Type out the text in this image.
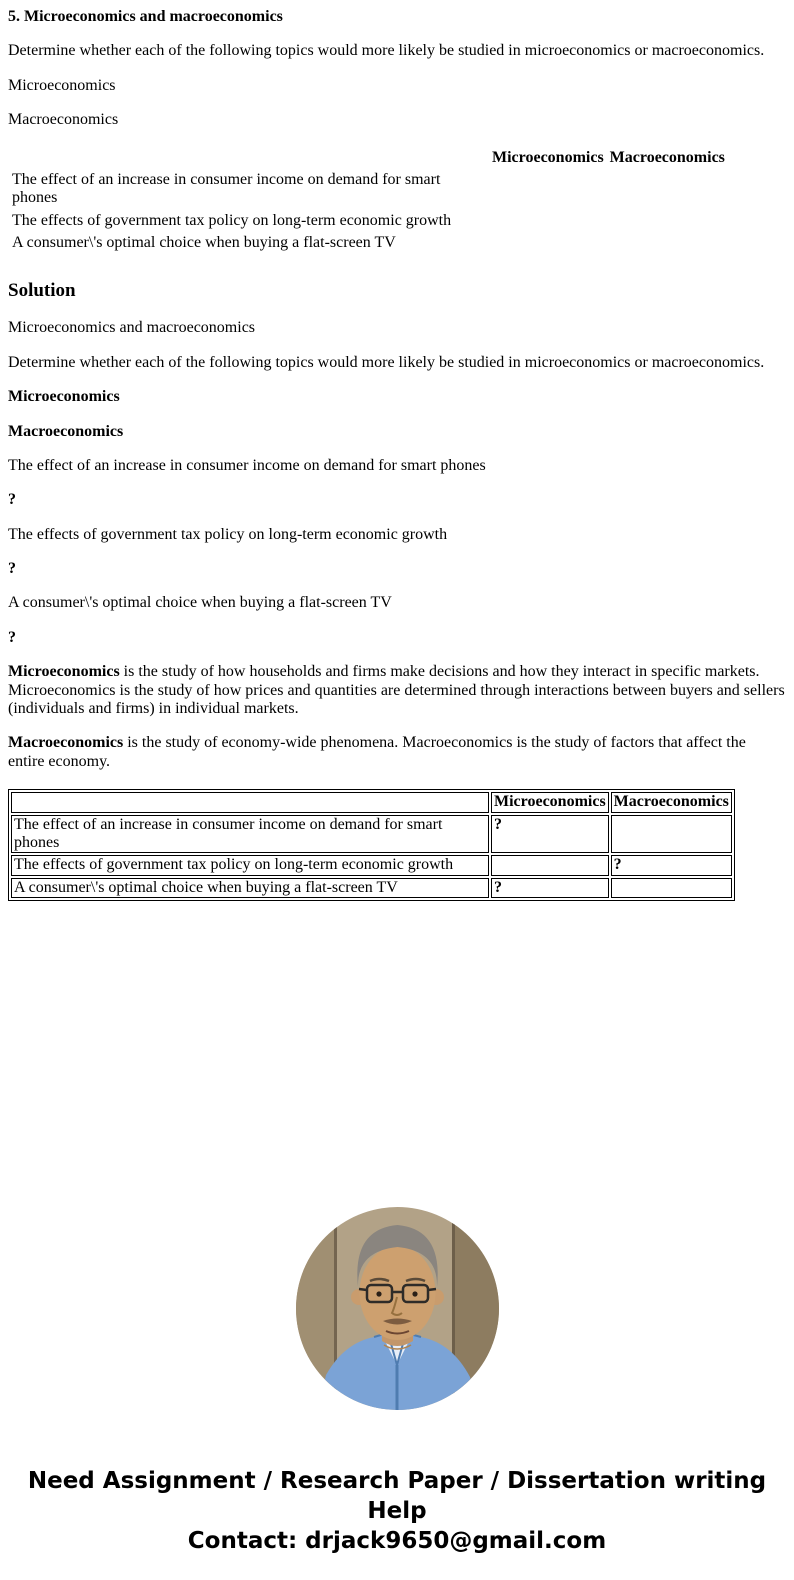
5. Microeconomics and macroeconomics

Determine whether each of the following topics would more likely be studied in microeconomics or macroeconomics.

Microeconomics

Macroeconomics

	Microeconomics	Macroeconomics
The effect of an increase in consumer income on demand for smart phones		
The effects of government tax policy on long-term economic growth		
A consumer\'s optimal choice when buying a flat-screen TV		
Solution

Microeconomics and macroeconomics

Determine whether each of the following topics would more likely be studied in microeconomics or macroeconomics.

Microeconomics

Macroeconomics

The effect of an increase in consumer income on demand for smart phones

?

The effects of government tax policy on long-term economic growth

?

A consumer\'s optimal choice when buying a flat-screen TV

?

Microeconomics is the study of how households and firms make decisions and how they interact in specific markets. Microeconomics is the study of how prices and quantities are determined through interactions between buyers and sellers (individuals and firms) in individual markets.

Macroeconomics is the study of economy-wide phenomena. Macroeconomics is the study of factors that affect the entire economy.

	Microeconomics	Macroeconomics
The effect of an increase in consumer income on demand for smart phones	?	
The effects of government tax policy on long-term economic growth		?
A consumer\'s optimal choice when buying a flat-screen TV	?	
Need Assignment / Research Paper / Dissertation writing Help
Contact: drjack9650@gmail.com
